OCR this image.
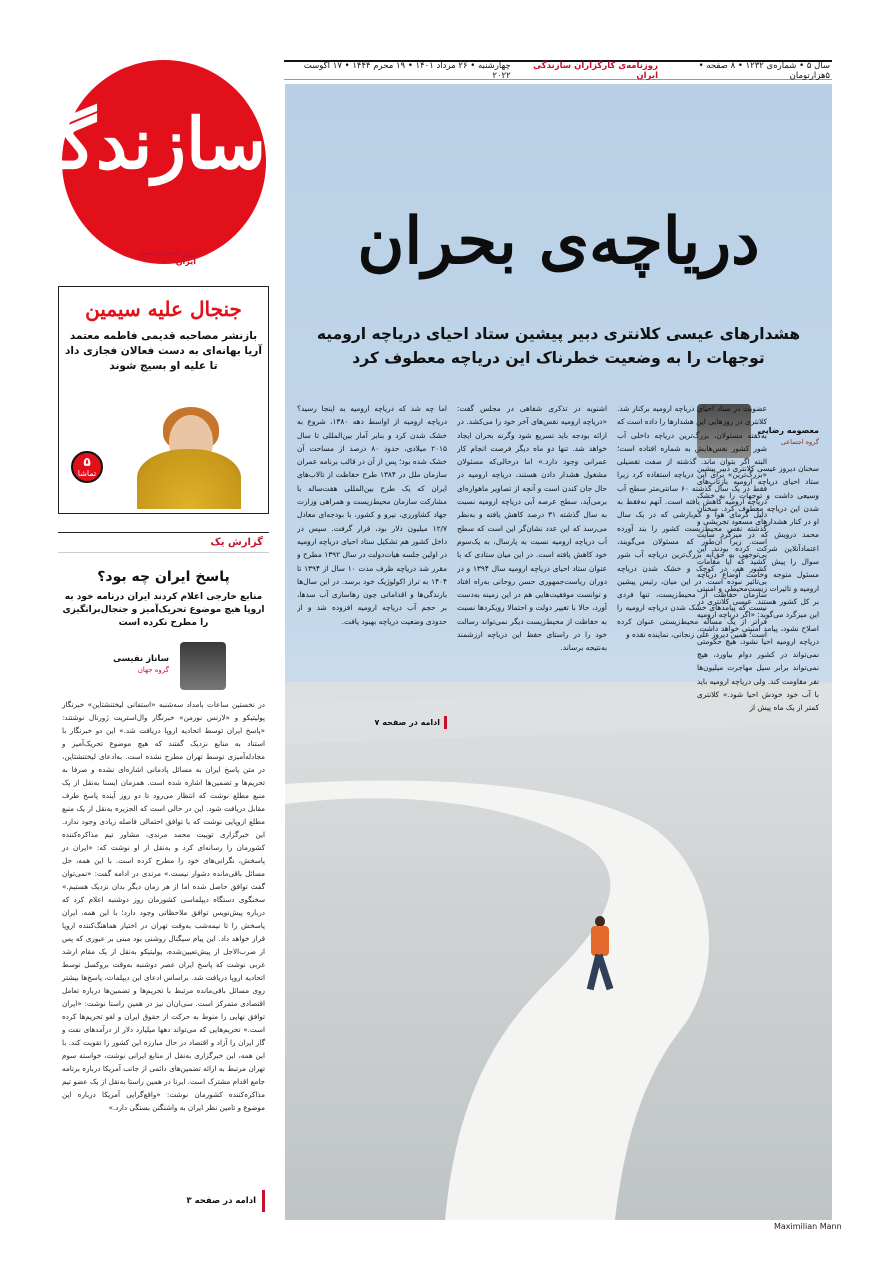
سال ۵ • شماره‌ی ۱۲۳۲ • ۸ صفحه • ۵هزارتومان
روزنامه‌ی کارگزاران سازندگی ایران
چهارشنبه • ۲۶ مرداد ۱۴۰۱ • ۱۹ محرم ۱۴۴۴ • ۱۷ آگوست ۲۰۲۲
سازندگی
روزنامه‌ی صبح ایران
جنجال علیه سیمین
بازنشر مصاحبه قدیمی فاطمه معتمد آریا بهانه‌ای به دست فعالان فجازی داد تا علیه او بسیج شوند
۵
تماشا
گزارش یک
پاسخ ایران چه بود؟
منابع خارجی اعلام کردند ایران درنامه خود به اروپا هیچ موضوع تحریک‌آمیز و جنجال‌برانگیزی را مطرح نکرده است
ساناز نفیسی
گروه جهان
در نخستین ساعات بامداد سه‌شنبه «استفانی لیختنشتاین» خبرنگار پولیتیکو و «لارنس نورمن» خبرنگار وال‌استریت ژورنال نوشتند: «پاسخ ایران توسط اتحادیه اروپا دریافت شد.» این دو خبرنگار با استناد به منابع نزدیک گفتند که هیچ موضوع تحریک‌آمیز و مجادله‌آمیزی توسط تهران مطرح نشده است. به‌ادعای لیختنشتاین، در متن پاسخ ایران به مسائل پادمانی اشاره‌ای نشده و صرفا به تحریم‌ها و تضمین‌ها اشاره شده است. همزمان ایسنا به‌نقل از یک منبع مطلع نوشت که انتظار می‌رود تا دو روز آینده پاسخ طرف مقابل دریافت شود. این در حالی است که الجزیره به‌نقل از یک منبع مطلع اروپایی نوشت که با توافق احتمالی فاصله زیادی وجود ندارد. این خبرگزاری توییت محمد مرندی، مشاور تیم مذاکره‌کننده کشورمان را رسانه‌ای کرد و به‌نقل از او نوشت که: «ایران در پاسخش، نگرانی‌های خود را مطرح کرده است. با این همه، حل مسائل باقی‌مانده دشوار نیست.» مرندی در ادامه گفت: «نمی‌توان گفت توافق حاصل شده اما از هر زمان دیگر بدان نزدیک هستیم.» سخنگوی دستگاه دیپلماسی کشورمان روز دوشنبه اعلام کرد که درباره پیش‌نویس توافق ملاحظاتی وجود دارد؛ با این همه، ایران پاسخش را تا نیمه‌شب به‌وقت تهران در اختیار هماهنگ‌کننده اروپا قرار خواهد داد. این پیام سیگنال روشنی بود مبنی بر عبوری که پس از ضرب‌الاجل از پیش‌تعیین‌شده، پولیتیکو به‌نقل از یک مقام ارشد غربی نوشت که پاسخ ایران عصر دوشنبه به‌وقت بروکسل توسط اتحادیه اروپا دریافت شد. براساس ادعای این دیپلمات، پاسخ‌ها بیشتر روی مسائل باقی‌مانده مرتبط با تحریم‌ها و تضمین‌ها درباره تعامل اقتصادی متمرکز است. سی‌ان‌ان نیز در همین راستا نوشت: «ایران توافق نهایی را منوط به حرکت از حقوق ایران و لغو تحریم‌ها کرده است.» تحریم‌هایی که می‌تواند دهها میلیارد دلار از درآمدهای نفت و گاز ایران را آزاد و اقتصاد در حال مبارزه این کشور را تقویت کند. با این همه، این خبرگزاری به‌نقل از منابع ایرانی نوشت، خواسته سوم تهران مرتبط به ارائه تضمین‌های دائمی از جانب آمریکا درباره برنامه جامع اقدام مشترک است. ایرنا در همین راستا به‌نقل از یک عضو تیم مذاکره‌کننده کشورمان نوشت: «واقع‌گرایی آمریکا درباره این موضوع و تامین نظر ایران به واشنگتن بستگی دارد.»
ادامه در صفحه ۳
دریاچه‌ی بحران
هشدارهای عیسی کلانتری دبیر پیشین ستاد احیای دریاچه ارومیه توجهات را به وضعیت خطرناک این دریاچه معطوف کرد
معصومه رضایی
گروه اجتماعی
سخنان دیروز عیسی کلانتری دبیر پیشین ستاد احیای دریاچه ارومیه بازتاب‌های وسیعی داشت و توجهات را به خشک شدن این دریاچه معطوف کرد. سخنان او در کنار هشدارهای مسعود تجریشی و محمد درویش که در میزگرد سایت اعتمادآنلاین شرکت کرده بودند این سوال را پیش کشید که آیا مقامات مسئول متوجه وخامت اوضاع دریاچه ارومیه و تاثیرات زیست‌محیطی و امنیتی بر کل کشور هستند. عیسی کلانتری در این میزگرد می‌گوید: «اگر دریاچه ارومیه اصلاح نشود، پیامد امنیتی خواهد داشت. دریاچه ارومیه احیا نشود، هیچ حکومتی نمی‌تواند در کشور دوام بیاورد، هیچ نمی‌تواند برابر سیل مهاجرت میلیون‌ها نفر مقاومت کند. ولی دریاچه ارومیه باید با آب خود خودش احیا شود.» کلانتری کمتر از یک ماه پیش از
عضویت در ستاد احیای دریاچه ارومیه برکنار شد. کلانتری در روزهایی این هشدارها را داده است که به‌گفته مسئولان، بزرگ‌ترین دریاچه داخلی آب شور کشور نفس‌هایش به شماره افتاده است؛ البته اگر بتوان ماند. گذشته از صفت تفضیلی «بزرگ‌ترین» برای این دریاچه استفاده کرد زیرا فقط در یک سال گذشته ۶۰ سانتی‌متر سطح آب دریاچه ارومیه کاهش یافته است. آنهم نه‌فقط به دلیل گرمای هوا و کم‌بارشی که در یک سال گذشته نفس محیط‌زیست کشور را بند آورده است. زیرا آن‌طور که مسئولان می‌گویند، بی‌توجهی به حق‌آبه بزرگ‌ترین دریاچه آب شور کشور هم، در کوچک و خشک شدن دریاچه بی‌تاثیر نبوده است. در این میان، رئیس پیشین سازمان حفاظت از محیط‌زیست، تنها فردی نیست که پیامدهای خشک شدن دریاچه ارومیه را فراتر از یک مساله محیط‌زیستی عنوان کرده است؛ همین دیروز علی زنجانی، نماینده نقده و
اشنویه در تذکری شفاهی در مجلس گفت: «دریاچه ارومیه نفس‌های آخر خود را می‌کشد. در ارائه بودجه باید تسریع شود وگرنه بحران ایجاد خواهد شد. تنها دو ماه دیگر فرصت انجام کار عمرانی وجود دارد.» اما درحالی‌که مسئولان مشغول هشدار دادن هستند، دریاچه ارومیه در حال جان کندن است و آنچه از تصاویر ماهواره‌ای برمی‌آید، سطح عرصه آبی دریاچه ارومیه نسبت به سال گذشته ۳۱ درصد کاهش یافته و به‌نظر می‌رسد که این عدد نشان‌گر این است که سطح آب دریاچه ارومیه نسبت به پارسال، به یک‌سوم خود کاهش یافته است. در این میان ستادی که با عنوان ستاد احیای دریاچه ارومیه سال ۱۳۹۴ و در دوران ریاست‌جمهوری حسن روحانی به‌راه افتاد و توانست موفقیت‌هایی هم در این زمینه به‌دست آورد، حالا با تغییر دولت و احتمالا رویکردها نسبت به حفاظت از محیط‌زیست دیگر نمی‌تواند رسالت خود را در راستای حفظ این دریاچه ارزشمند به‌نتیجه برساند.
اما چه شد که دریاچه ارومیه به اینجا رسید؟ دریاچه ارومیه از اواسط دهه ۱۳۸۰، شروع به خشک شدن کرد و بنابر آمار بین‌المللی تا سال ۲۰۱۵ میلادی، حدود ۸۰ درصد از مساحت آن خشک شده بود؛ پس از آن در قالب برنامه عمران سازمان ملل در ۱۳۸۴ طرح حفاظت از تالاب‌های ایران که یک طرح بین‌المللی هفت‌ساله با مشارکت سازمان محیط‌زیست و همراهی وزارت جهاد کشاورزی، نیرو و کشور، با بودجه‌ای معادل ۱۲/۷ میلیون دلار بود، قرار گرفت. سپس در داخل کشور هم تشکیل ستاد احیای دریاچه ارومیه در اولین جلسه هیات‌دولت در سال ۱۳۹۲ مطرح و مقرر شد دریاچه ظرف مدت ۱۰ سال از ۱۳۹۴ تا ۱۴۰۴ به تراز اکولوژیک خود برسد. در این سال‌ها بارندگی‌ها و اقداماتی چون رهاسازی آب سدها، بر حجم آب دریاچه ارومیه افزوده شد و از حدودی وضعیت دریاچه بهبود یافت.
ادامه در صفحه ۷
Maximilian Mann
